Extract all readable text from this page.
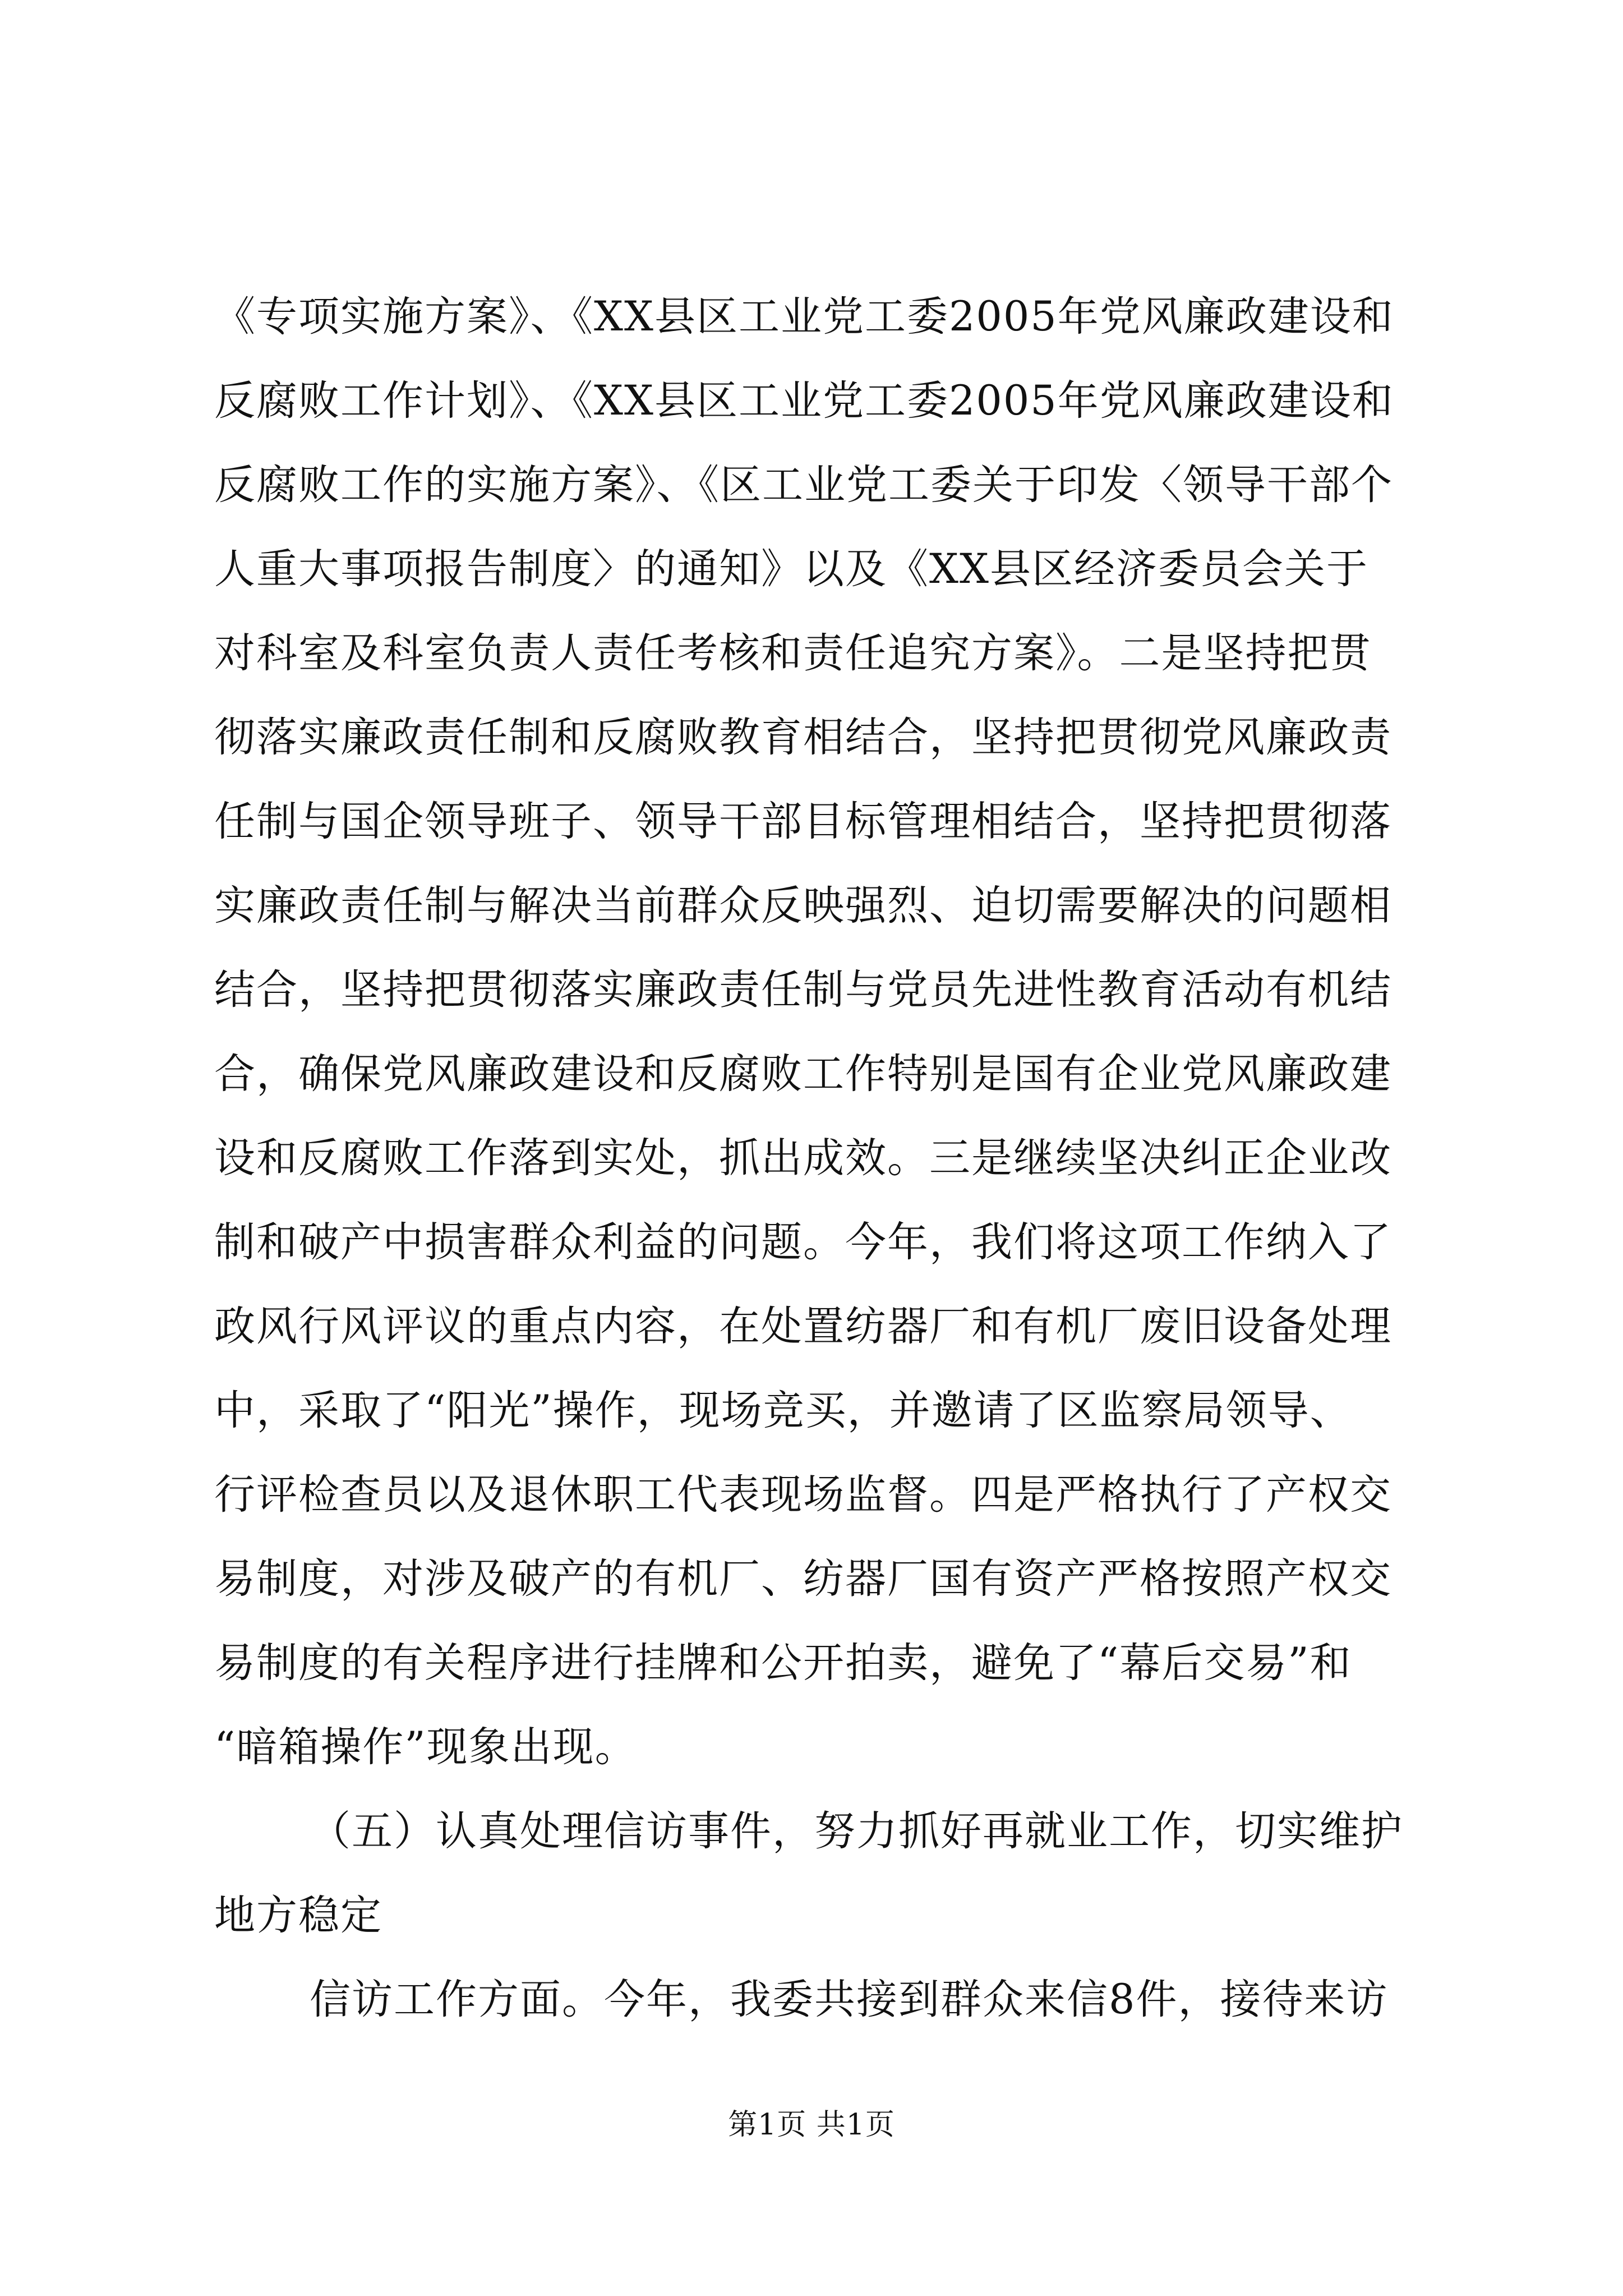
《专项实施方案》、《XX县区工业党工委2005年党风廉政建设和
反腐败工作计划》、《XX县区工业党工委2005年党风廉政建设和
反腐败工作的实施方案》、《区工业党工委关于印发〈领导干部个
人重大事项报告制度〉的通知》以及《XX县区经济委员会关于
对科室及科室负责人责任考核和责任追究方案》。二是坚持把贯
彻落实廉政责任制和反腐败教育相结合，坚持把贯彻党风廉政责
任制与国企领导班子、领导干部目标管理相结合，坚持把贯彻落
实廉政责任制与解决当前群众反映强烈、迫切需要解决的问题相
结合，坚持把贯彻落实廉政责任制与党员先进性教育活动有机结
合，确保党风廉政建设和反腐败工作特别是国有企业党风廉政建
设和反腐败工作落到实处，抓出成效。三是继续坚决纠正企业改
制和破产中损害群众利益的问题。今年，我们将这项工作纳入了
政风行风评议的重点内容，在处置纺器厂和有机厂废旧设备处理
中，采取了“阳光”操作，现场竞买，并邀请了区监察局领导、
行评检查员以及退休职工代表现场监督。四是严格执行了产权交
易制度，对涉及破产的有机厂、纺器厂国有资产严格按照产权交
易制度的有关程序进行挂牌和公开拍卖，避免了“幕后交易”和
“暗箱操作”现象出现。
（五）认真处理信访事件，努力抓好再就业工作，切实维护
地方稳定
信访工作方面。今年，我委共接到群众来信8件，接待来访
第1页 共1页
